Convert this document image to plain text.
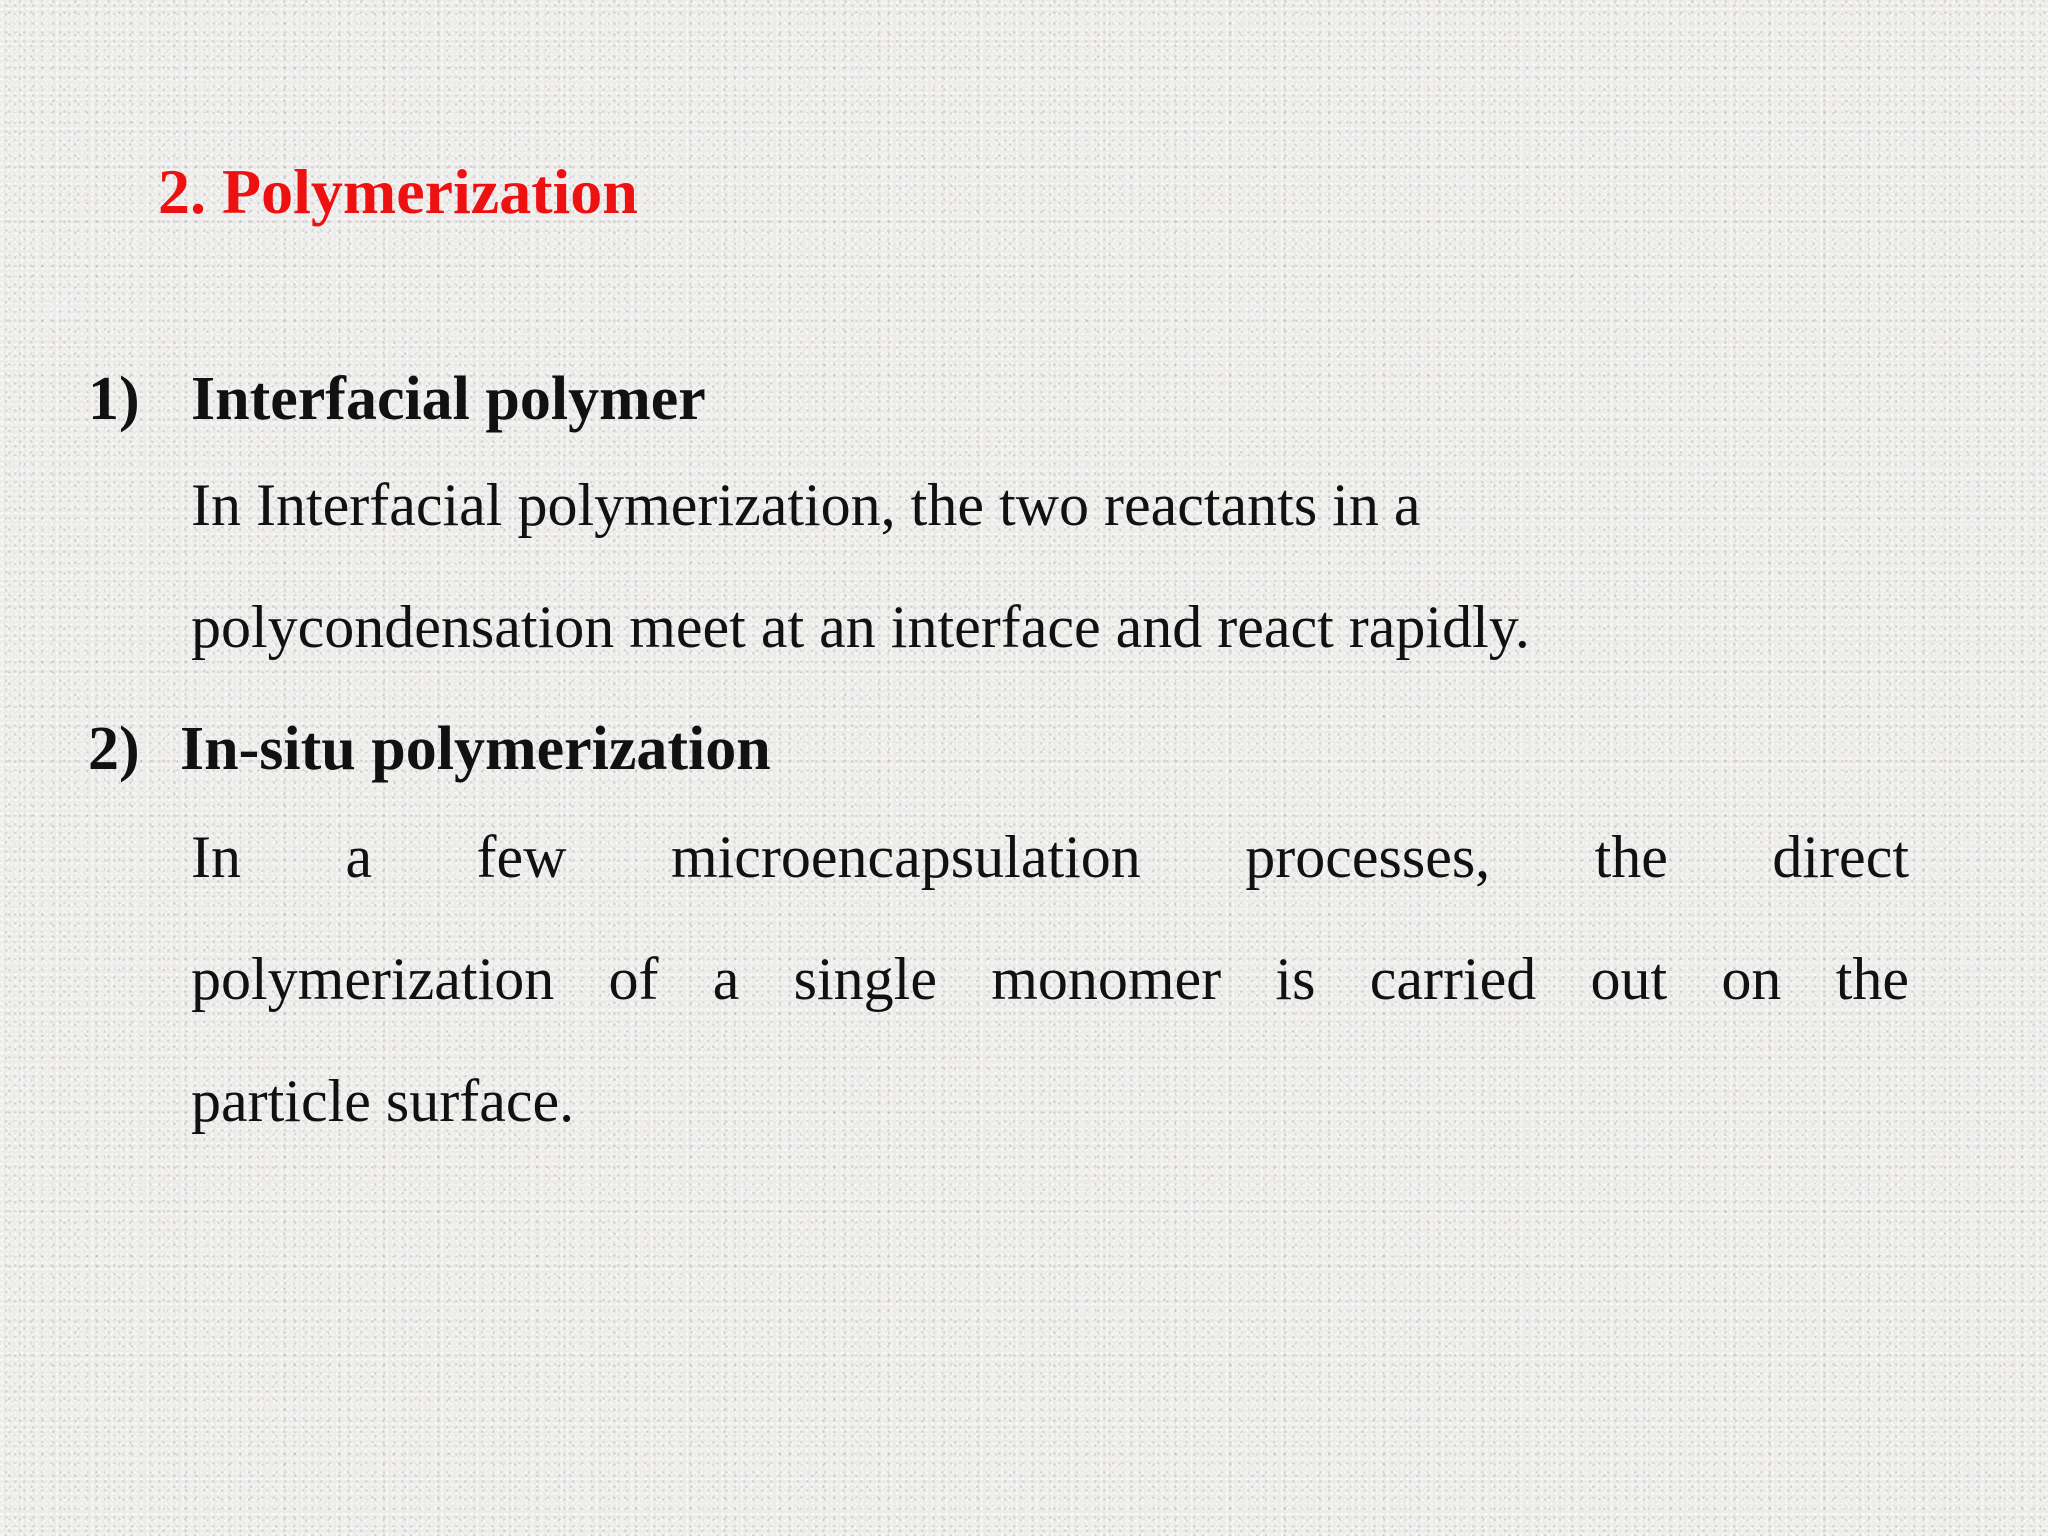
34
2. Polymerization
1) Interfacial polymer

In Interfacial polymerization, the two reactants in a
polycondensation meet at an interface and react rapidly.

2) In-situ polymerization

In a few microencapsulation processes, the direct
polymerization of a single monomer is carried out on the
particle surface.
